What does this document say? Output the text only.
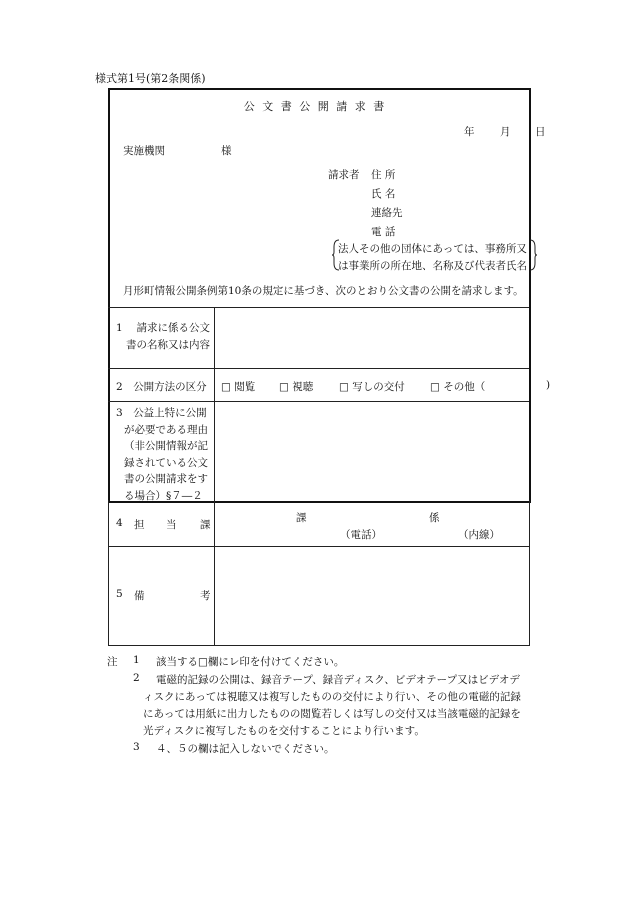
様式第1号(第2条関係)
公 文 書 公 開 請 求 書
年 月 日
実施機関	様
請求者 住 所
氏 名
連絡先
電 話
法人その他の団体にあっては、事務所又
は事業所の所在地、名称及び代表者氏名
月形町情報公開条例第10条の規定に基づき、次のとおり公文書の公開を請求します。
1　 請求に係る公文
書の名称又は内容
2　 公開方法の区分 □ 閲覧 □ 視聴 □ 写しの交付 □ その他（	)
3　 公益上特に公開
が必要である理由
（非公開情報が記
録されている公文
書の公開請求をす
る場合）§７―２
4 担 当 課
課	係
（電話）	（内線）
5 備	考
注 1 該当する□欄にレ印を付けてください。
2 電磁的記録の公開は、録音テープ、録音ディスク、ビデオテープ又はビデオデ
ィスクにあっては視聴又は複写したものの交付により行い、その他の電磁的記録
にあっては用紙に出力したものの閲覧若しくは写しの交付又は当該電磁的記録を
光ディスクに複写したものを交付することにより行います。
3 ４、５の欄は記入しないでください。
